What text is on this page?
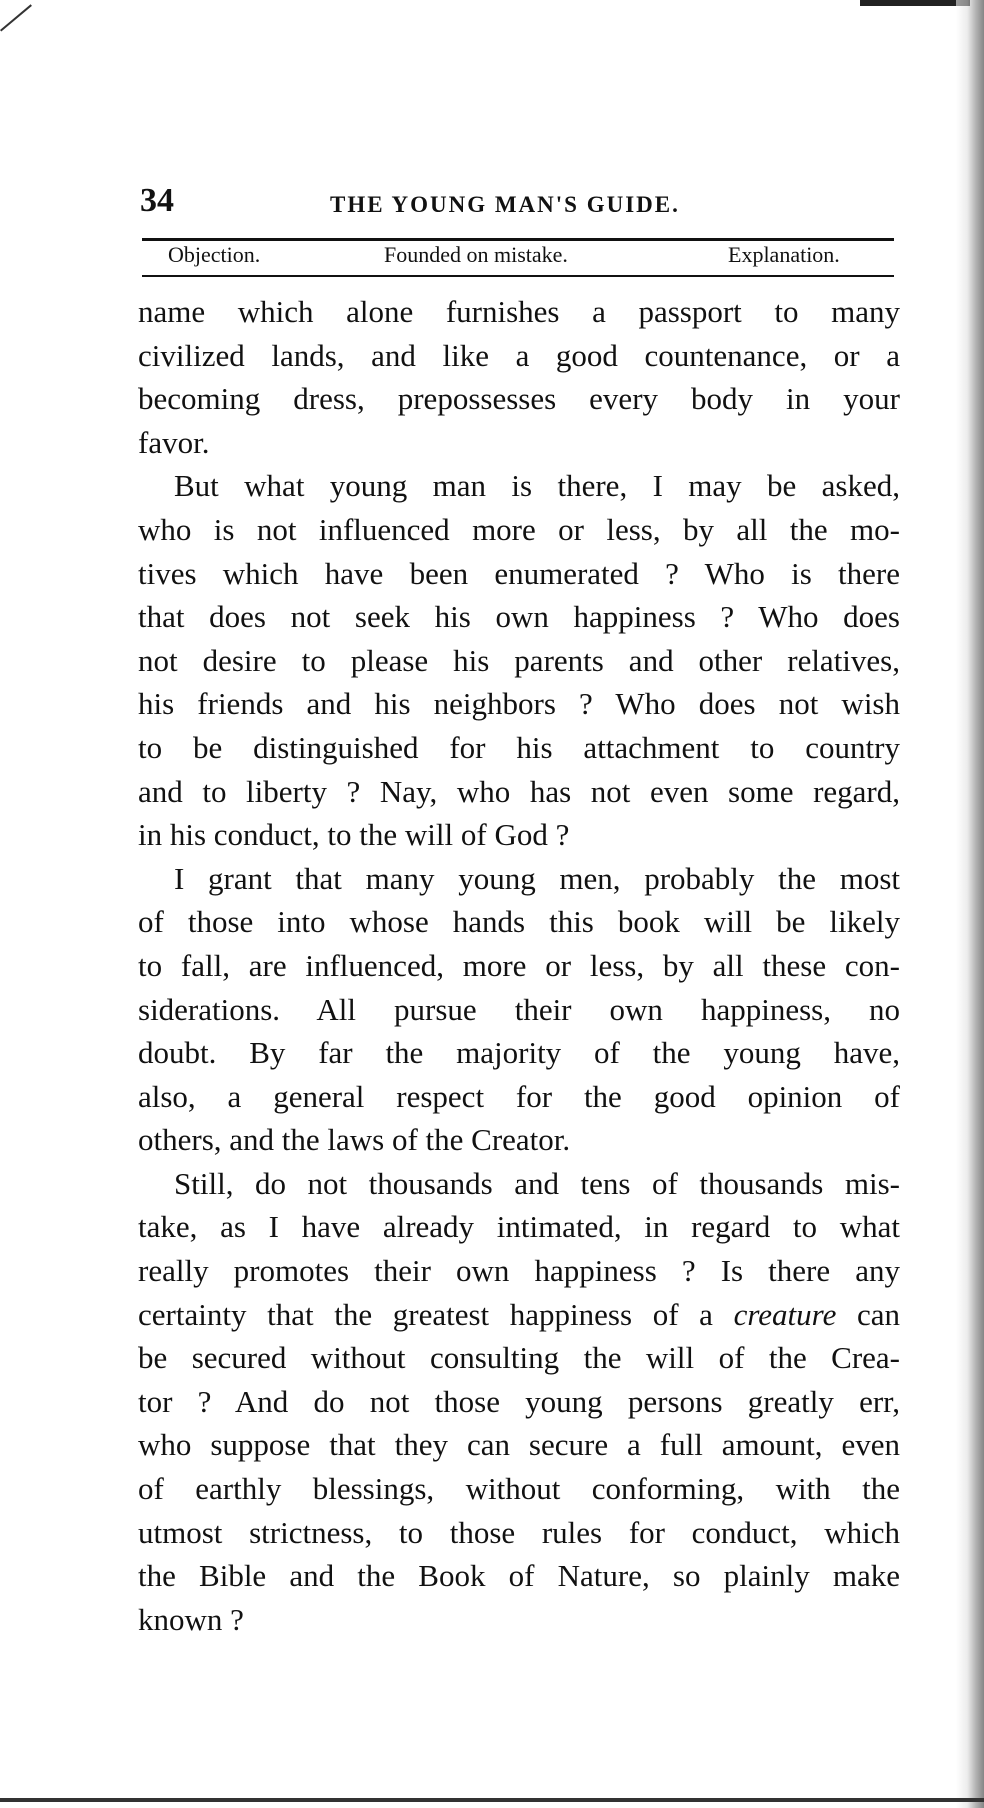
34	THE YOUNG MAN'S GUIDE.
Objection.	Founded on mistake.	Explanation.
name which alone furnishes a passport to many
civilized lands, and like a good countenance, or a
becoming dress, prepossesses every body in your
favor.
But what young man is there, I may be asked,
who is not influenced more or less, by all the mo-
tives which have been enumerated ? Who is there
that does not seek his own happiness ? Who does
not desire to please his parents and other relatives,
his friends and his neighbors ? Who does not wish
to be distinguished for his attachment to country
and to liberty ? Nay, who has not even some regard,
in his conduct, to the will of God ?
I grant that many young men, probably the most
of those into whose hands this book will be likely
to fall, are influenced, more or less, by all these con-
siderations. All pursue their own happiness, no
doubt. By far the majority of the young have,
also, a general respect for the good opinion of
others, and the laws of the Creator.
Still, do not thousands and tens of thousands mis-
take, as I have already intimated, in regard to what
really promotes their own happiness ? Is there any
certainty that the greatest happiness of a creature can
be secured without consulting the will of the Crea-
tor ? And do not those young persons greatly err,
who suppose that they can secure a full amount, even
of earthly blessings, without conforming, with the
utmost strictness, to those rules for conduct, which
the Bible and the Book of Nature, so plainly make
known ?
